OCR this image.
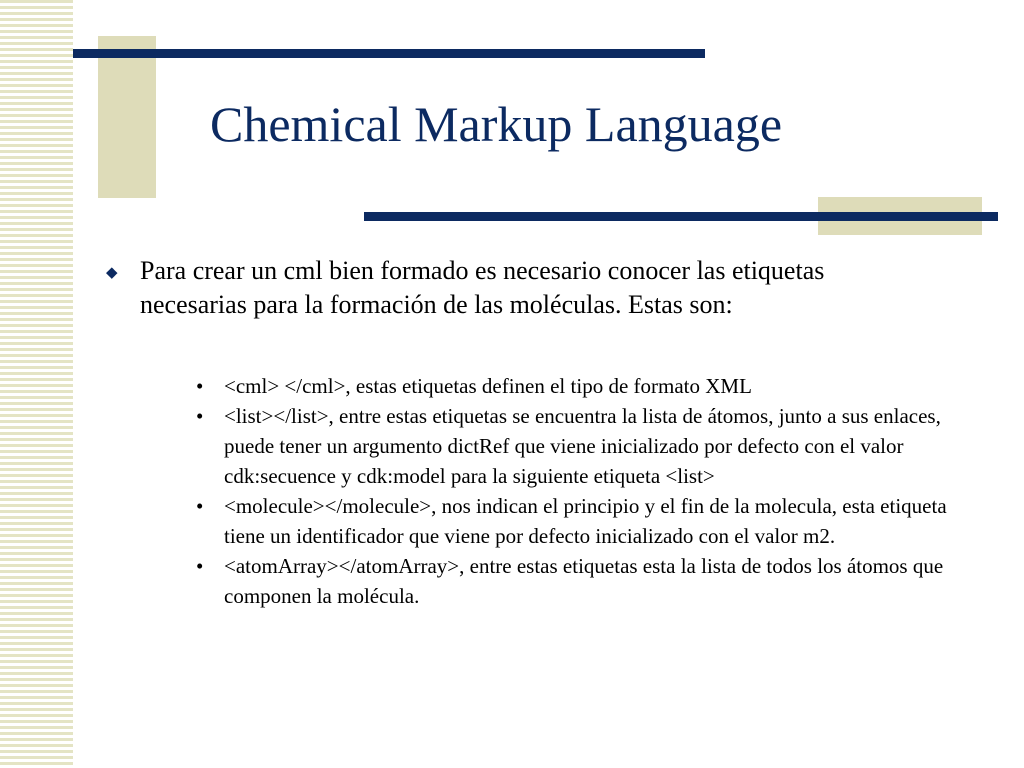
Chemical Markup Language
◆ Para crear un cml bien formado es necesario conocer las etiquetas necesarias para la formación de las moléculas. Estas son:
• <cml> </cml>, estas etiquetas definen el tipo de formato XML
• <list></list>, entre estas etiquetas se encuentra la lista de átomos, junto a sus enlaces, puede tener un argumento dictRef que viene inicializado por defecto con el valor cdk:secuence y cdk:model para la siguiente etiqueta <list>
• <molecule></molecule>, nos indican el principio y el fin de la molecula, esta etiqueta tiene un identificador que viene por defecto inicializado con el valor m2.
• <atomArray></atomArray>, entre estas etiquetas esta la lista de todos los átomos que componen la molécula.
